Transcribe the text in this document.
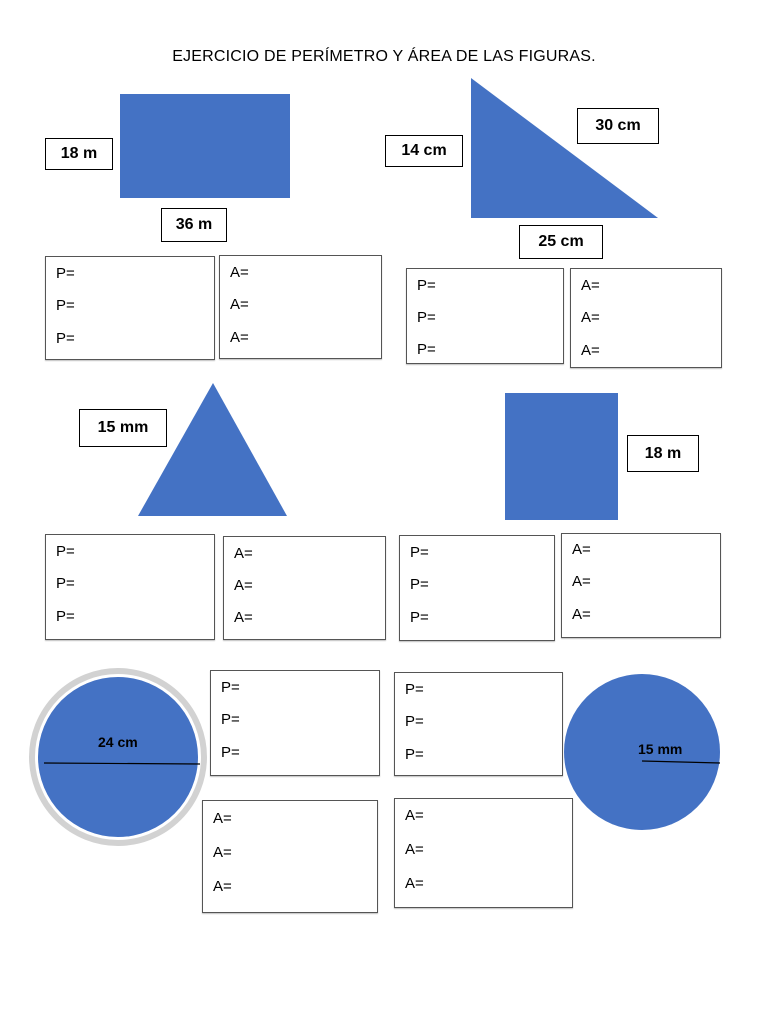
EJERCICIO DE PERÍMETRO Y ÁREA DE LAS FIGURAS.
18 m
36 m
14 cm
30 cm
25 cm
P=
P=
P=
A=
A=
A=
P=
P=
P=
A=
A=
A=
15 mm
18 m
P=
P=
P=
A=
A=
A=
P=
P=
P=
A=
A=
A=
24 cm	15 mm
P=
P=
P=
P=
P=
P=
A=
A=
A=
A=
A=
A=
